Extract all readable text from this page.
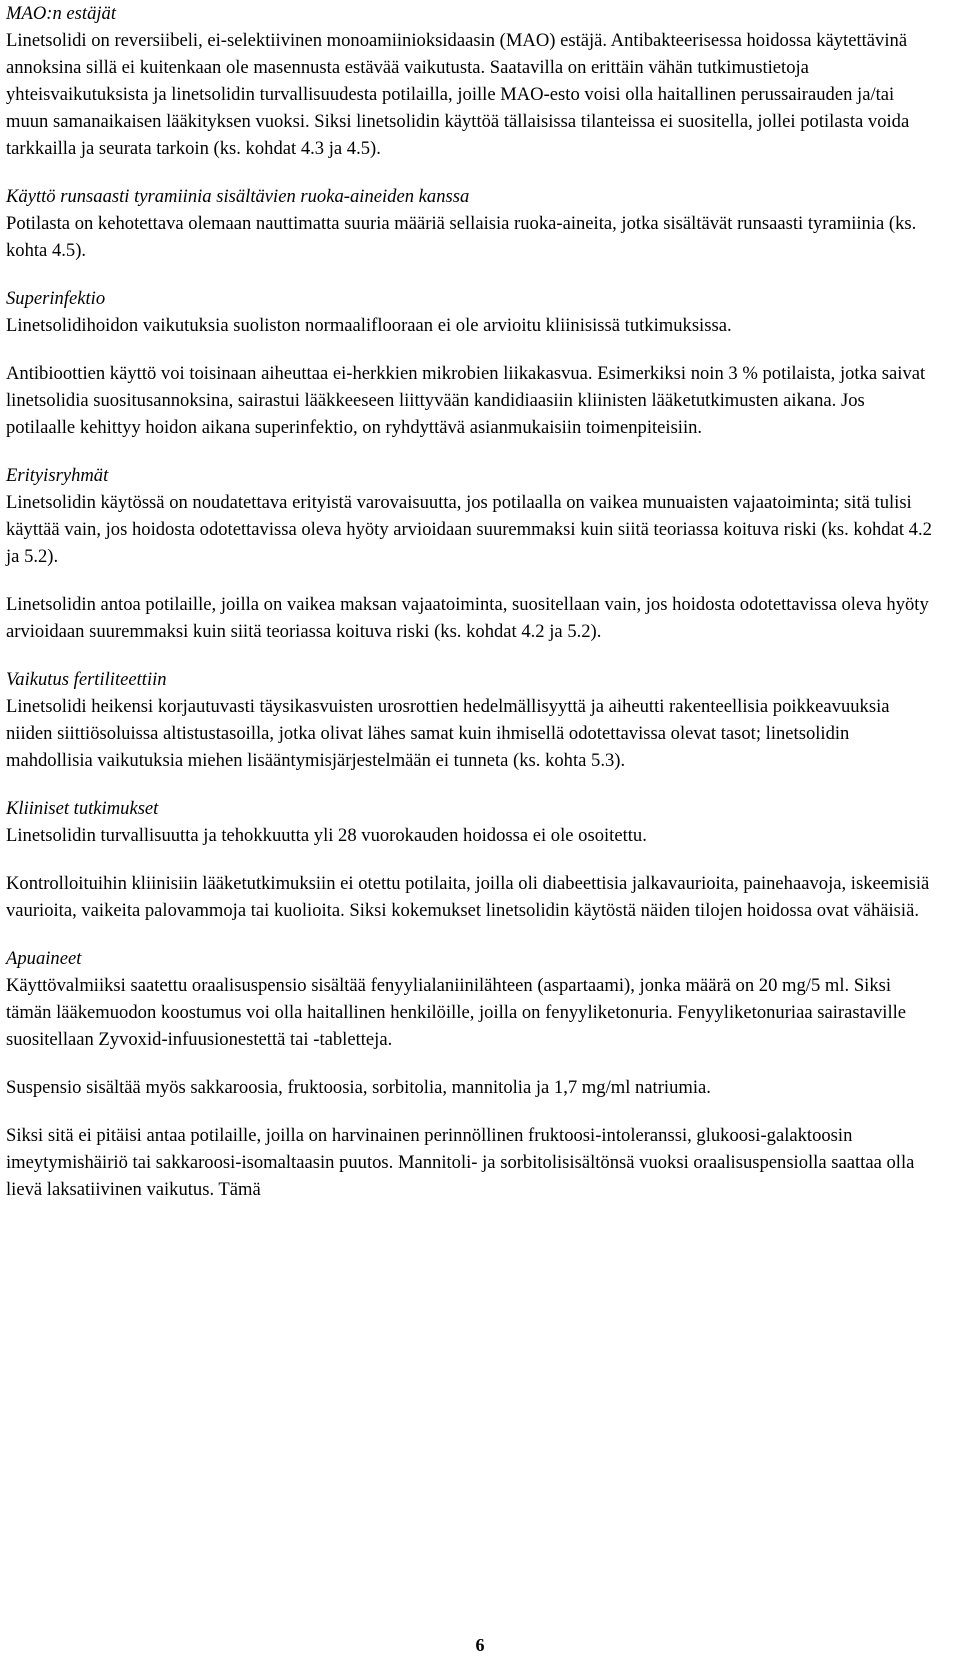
MAO:n estäjät

Linetsolidi on reversiibeli, ei-selektiivinen monoamiinioksidaasin (MAO) estäjä. Antibakteerisessa hoidossa käytettävinä annoksina sillä ei kuitenkaan ole masennusta estävää vaikutusta. Saatavilla on erittäin vähän tutkimustietoja yhteisvaikutuksista ja linetsolidin turvallisuudesta potilailla, joille MAO-esto voisi olla haitallinen perussairauden ja/tai muun samanaikaisen lääkityksen vuoksi. Siksi linetsolidin käyttöä tällaisissa tilanteissa ei suositella, jollei potilasta voida tarkkailla ja seurata tarkoin (ks. kohdat 4.3 ja 4.5).

Käyttö runsaasti tyramiinia sisältävien ruoka-aineiden kanssa

Potilasta on kehotettava olemaan nauttimatta suuria määriä sellaisia ruoka-aineita, jotka sisältävät runsaasti tyramiinia (ks. kohta 4.5).

Superinfektio

Linetsolidihoidon vaikutuksia suoliston normaaliflooraan ei ole arvioitu kliinisissä tutkimuksissa.

Antibioottien käyttö voi toisinaan aiheuttaa ei-herkkien mikrobien liikakasvua. Esimerkiksi noin 3 % potilaista, jotka saivat linetsolidia suositusannoksina, sairastui lääkkeeseen liittyvään kandidiaasiin kliinisten lääketutkimusten aikana. Jos potilaalle kehittyy hoidon aikana superinfektio, on ryhdyttävä asianmukaisiin toimenpiteisiin.

Erityisryhmät

Linetsolidin käytössä on noudatettava erityistä varovaisuutta, jos potilaalla on vaikea munuaisten vajaatoiminta; sitä tulisi käyttää vain, jos hoidosta odotettavissa oleva hyöty arvioidaan suuremmaksi kuin siitä teoriassa koituva riski (ks. kohdat 4.2 ja 5.2).

Linetsolidin antoa potilaille, joilla on vaikea maksan vajaatoiminta, suositellaan vain, jos hoidosta odotettavissa oleva hyöty arvioidaan suuremmaksi kuin siitä teoriassa koituva riski (ks. kohdat 4.2 ja 5.2).

Vaikutus fertiliteettiin

Linetsolidi heikensi korjautuvasti täysikasvuisten urosrottien hedelmällisyyttä ja aiheutti rakenteellisia poikkeavuuksia niiden siittiösoluissa altistustasoilla, jotka olivat lähes samat kuin ihmisellä odotettavissa olevat tasot; linetsolidin mahdollisia vaikutuksia miehen lisääntymisjärjestelmään ei tunneta (ks. kohta 5.3).

Kliiniset tutkimukset

Linetsolidin turvallisuutta ja tehokkuutta yli 28 vuorokauden hoidossa ei ole osoitettu.

Kontrolloituihin kliinisiin lääketutkimuksiin ei otettu potilaita, joilla oli diabeettisia jalkavaurioita, painehaavoja, iskeemisiä vaurioita, vaikeita palovammoja tai kuolioita. Siksi kokemukset linetsolidin käytöstä näiden tilojen hoidossa ovat vähäisiä.

Apuaineet

Käyttövalmiiksi saatettu oraalisuspensio sisältää fenyylialaniinilähteen (aspartaami), jonka määrä on 20 mg/5 ml. Siksi tämän lääkemuodon koostumus voi olla haitallinen henkilöille, joilla on fenyyliketonuria. Fenyyliketonuriaa sairastaville suositellaan Zyvoxid-infuusionestettä tai -tabletteja.

Suspensio sisältää myös sakkaroosia, fruktoosia, sorbitolia, mannitolia ja 1,7 mg/ml natriumia.

Siksi sitä ei pitäisi antaa potilaille, joilla on harvinainen perinnöllinen fruktoosi-intoleranssi, glukoosi-galaktoosin imeytymishäiriö tai sakkaroosi-isomaltaasin puutos. Mannitoli- ja sorbitolisisältönsä vuoksi oraalisuspensiolla saattaa olla lievä laksatiivinen vaikutus. Tämä

6
